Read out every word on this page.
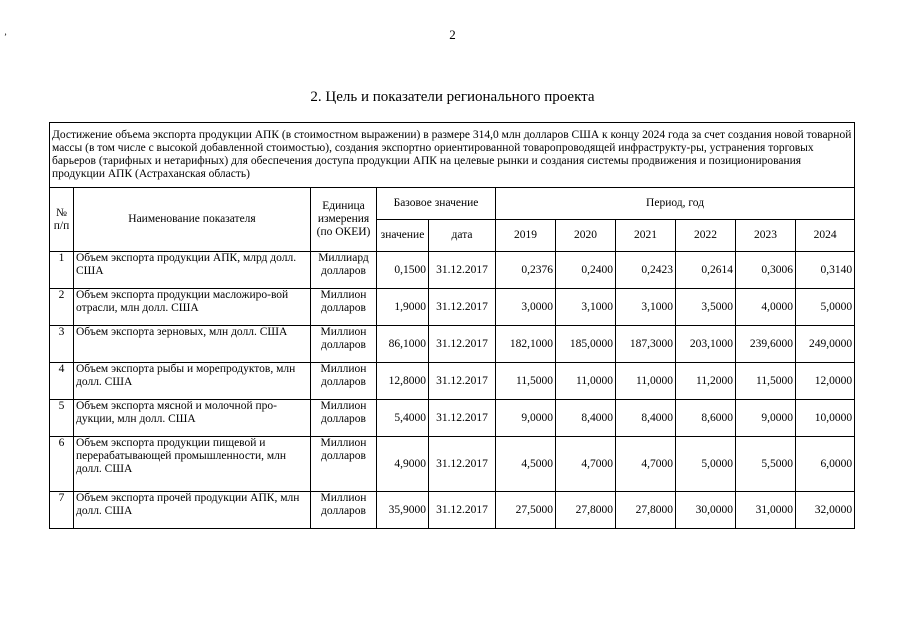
ʼ	2
2. Цель и показатели регионального проекта
Достижение объема экспорта продукции АПК (в стоимостном выражении) в размере 314,0 млн долларов США к концу 2024 года за счет создания новой товарной массы (в том числе с высокой добавленной стоимостью), создания экспортно ориентированной товаропроводящей инфраструкту-ры, устранения торговых барьеров (тарифных и нетарифных) для обеспечения доступа продукции АПК на целевые рынки и создания системы продвижения и позиционирования продукции АПК (Астраханская область)										
№ п/п	Наименование показателя	Единица измерения (по ОКЕИ)	Базовое значение		Период, год					
			значение	дата	2019	2020	2021	2022	2023	2024
1	Объем экспорта продукции АПК, млрд долл. США	Миллиард долларов	0,1500	31.12.2017	0,2376	0,2400	0,2423	0,2614	0,3006	0,3140
2	Объем экспорта продукции масложиро-вой отрасли, млн долл. США	Миллион долларов	1,9000	31.12.2017	3,0000	3,1000	3,1000	3,5000	4,0000	5,0000
3	Объем экспорта зерновых, млн долл. США	Миллион долларов	86,1000	31.12.2017	182,1000	185,0000	187,3000	203,1000	239,6000	249,0000
4	Объем экспорта рыбы и морепродуктов, млн долл. США	Миллион долларов	12,8000	31.12.2017	11,5000	11,0000	11,0000	11,2000	11,5000	12,0000
5	Объем экспорта мясной и молочной про-дукции, млн долл. США	Миллион долларов	5,4000	31.12.2017	9,0000	8,4000	8,4000	8,6000	9,0000	10,0000
6	Объем экспорта продукции пищевой и перерабатывающей промышленности, млн долл. США	Миллион долларов	4,9000	31.12.2017	4,5000	4,7000	4,7000	5,0000	5,5000	6,0000
7	Объем экспорта прочей продукции АПК, млн долл. США	Миллион долларов	35,9000	31.12.2017	27,5000	27,8000	27,8000	30,0000	31,0000	32,0000
